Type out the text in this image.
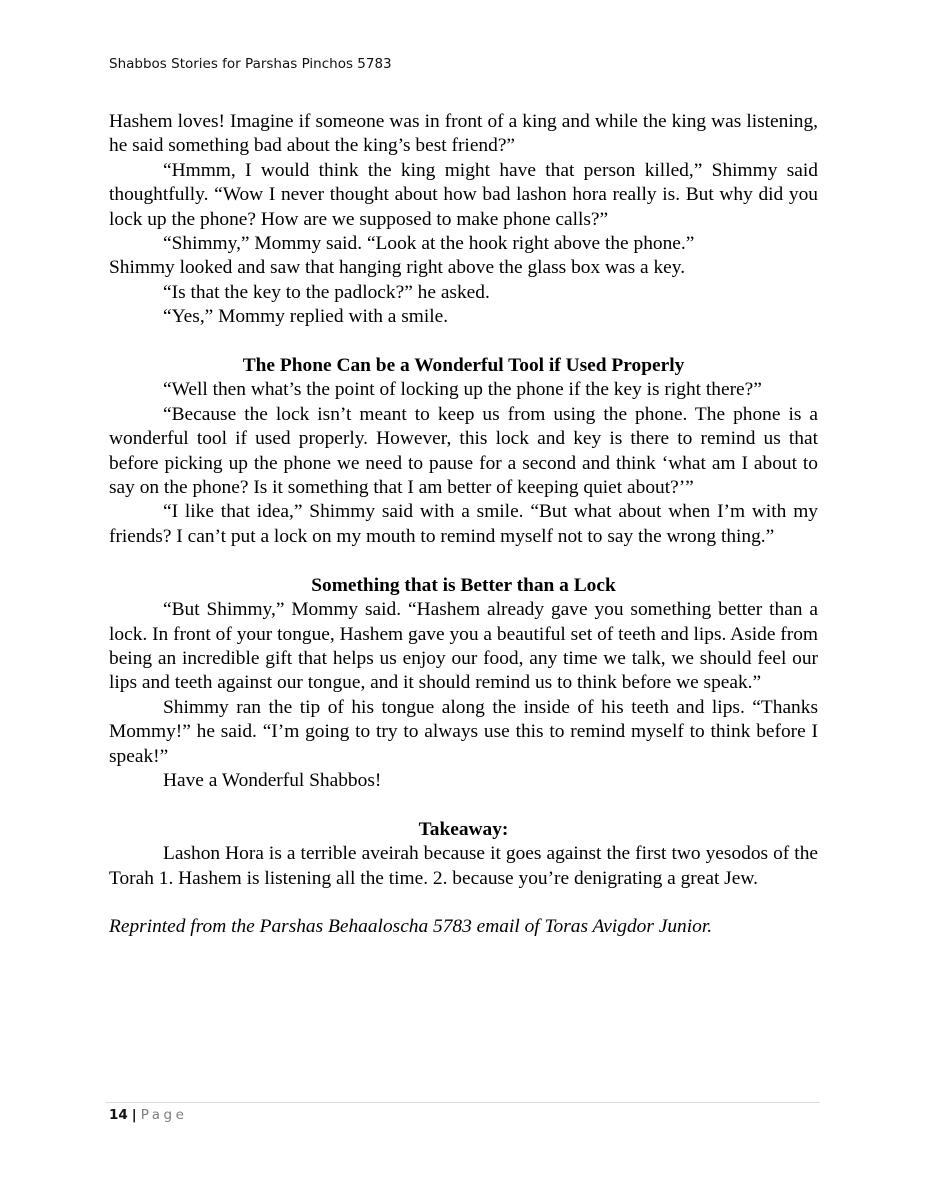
Shabbos Stories for Parshas Pinchos 5783

Hashem loves! Imagine if someone was in front of a king and while the king was listening, he said something bad about the king’s best friend?”

“Hmmm, I would think the king might have that person killed,” Shimmy said thoughtfully. “Wow I never thought about how bad lashon hora really is. But why did you lock up the phone? How are we supposed to make phone calls?”

“Shimmy,” Mommy said. “Look at the hook right above the phone.”

Shimmy looked and saw that hanging right above the glass box was a key.

“Is that the key to the padlock?” he asked.

“Yes,” Mommy replied with a smile.

The Phone Can be a Wonderful Tool if Used Properly

“Well then what’s the point of locking up the phone if the key is right there?”

“Because the lock isn’t meant to keep us from using the phone. The phone is a wonderful tool if used properly. However, this lock and key is there to remind us that before picking up the phone we need to pause for a second and think ‘what am I about to say on the phone? Is it something that I am better of keeping quiet about?’”

“I like that idea,” Shimmy said with a smile. “But what about when I’m with my friends? I can’t put a lock on my mouth to remind myself not to say the wrong thing.”

Something that is Better than a Lock

“But Shimmy,” Mommy said. “Hashem already gave you something better than a lock. In front of your tongue, Hashem gave you a beautiful set of teeth and lips. Aside from being an incredible gift that helps us enjoy our food, any time we talk, we should feel our lips and teeth against our tongue, and it should remind us to think before we speak.”

Shimmy ran the tip of his tongue along the inside of his teeth and lips. “Thanks Mommy!” he said. “I’m going to try to always use this to remind myself to think before I speak!”

Have a Wonderful Shabbos!

Takeaway:

Lashon Hora is a terrible aveirah because it goes against the first two yesodos of the Torah 1. Hashem is listening all the time. 2. because you’re denigrating a great Jew.

Reprinted from the Parshas Behaaloscha 5783 email of Toras Avigdor Junior.

14 | Page
